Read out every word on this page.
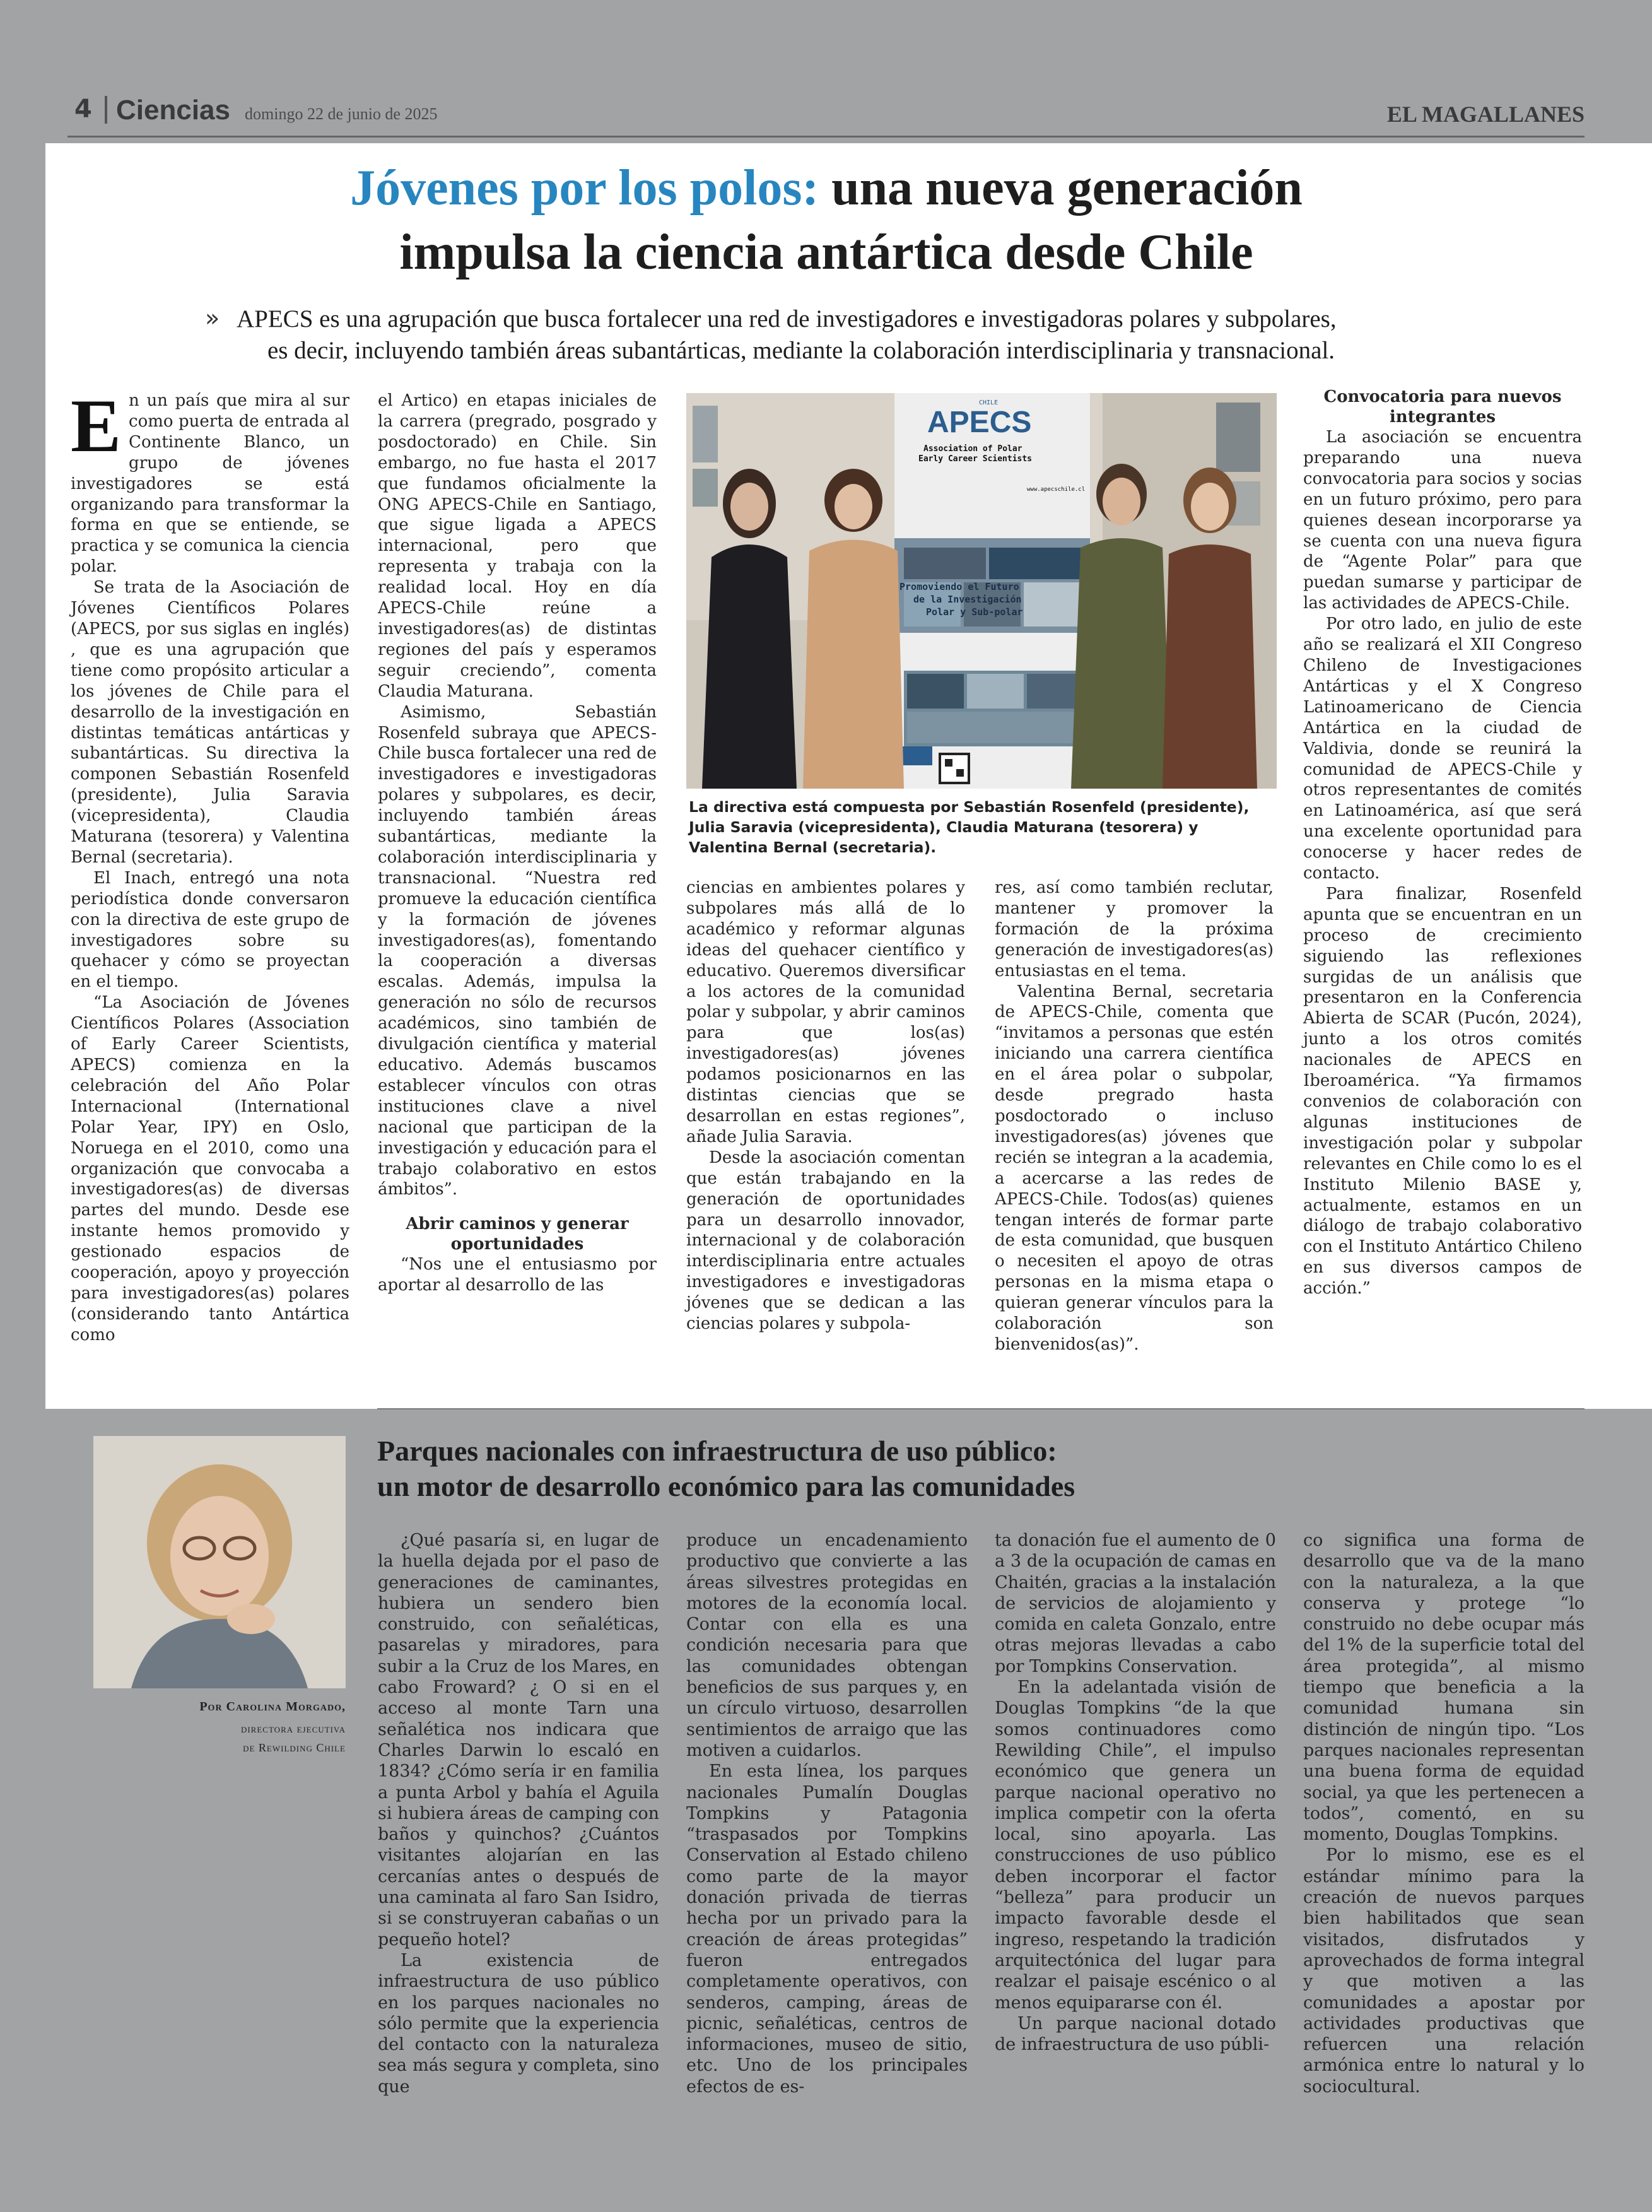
4 Ciencias domingo 22 de junio de 2025	EL MAGALLANES
Jóvenes por los polos: una nueva generación
impulsa la ciencia antártica desde Chile
» APECS es una agrupación que busca fortalecer una red de investigadores e investigadoras polares y subpolares,
es decir, incluyendo también áreas subantárticas, mediante la colaboración interdisciplinaria y transnacional.

En un país que mira al sur como puerta de entrada al Continente Blanco, un grupo de jóvenes investigadores se está organizando para transformar la forma en que se entiende, se practica y se comunica la ciencia polar.

Se trata de la Asociación de Jóvenes Científicos Polares (APECS, por sus siglas en inglés) , que es una agrupación que tiene como propósito articular a los jóvenes de Chile para el desarrollo de la investigación en distintas temáticas antárticas y subantárticas. Su directiva la componen Sebastián Rosenfeld (presidente), Julia Saravia (vicepresidenta), Claudia Maturana (tesorera) y Valentina Bernal (secretaria).

El Inach, entregó una nota periodística donde conversaron con la directiva de este grupo de investigadores sobre su quehacer y cómo se proyectan en el tiempo.

“La Asociación de Jóvenes Científicos Polares (Association of Early Career Scientists, APECS) comienza en la celebración del Año Polar Internacional (International Polar Year, IPY) en Oslo, Noruega en el 2010, como una organización que convocaba a investigadores(as) de diversas partes del mundo. Desde ese instante hemos promovido y gestionado espacios de cooperación, apoyo y proyección para investigadores(as) polares (considerando tanto Antártica como

el Artico) en etapas iniciales de la carrera (pregrado, posgrado y posdoctorado) en Chile. Sin embargo, no fue hasta el 2017 que fundamos oficialmente la ONG APECS-Chile en Santiago, que sigue ligada a APECS internacional, pero que representa y trabaja con la realidad local. Hoy en día APECS-Chile reúne a investigadores(as) de distintas regiones del país y esperamos seguir creciendo”, comenta Claudia Maturana.

Asimismo, Sebastián Rosenfeld subraya que APECS-Chile busca fortalecer una red de investigadores e investigadoras polares y subpolares, es decir, incluyendo también áreas subantárticas, mediante la colaboración interdisciplinaria y transnacional. “Nuestra red promueve la educación científica y la formación de jóvenes investigadores(as), fomentando la cooperación a diversas escalas. Además, impulsa la generación no sólo de recursos académicos, sino también de divulgación científica y material educativo. Además buscamos establecer vínculos con otras instituciones clave a nivel nacional que participan de la investigación y educación para el trabajo colaborativo en estos ámbitos”.

Abrir caminos y generar oportunidades

“Nos une el entusiasmo por aportar al desarrollo de las

CHILE
APECS
Association of Polar
Early Career Scientists
www.apecschile.cl
Promoviendo el Futuro
de la Investigación
Polar y Sub-polar
La directiva está compuesta por Sebastián Rosenfeld (presidente), Julia Saravia (vicepresidenta), Claudia Maturana (tesorera) y Valentina Bernal (secretaria).

ciencias en ambientes polares y subpolares más allá de lo académico y reformar algunas ideas del quehacer científico y educativo. Queremos diversificar a los actores de la comunidad polar y subpolar, y abrir caminos para que los(as) investigadores(as) jóvenes podamos posicionarnos en las distintas ciencias que se desarrollan en estas regiones”, añade Julia Saravia.

Desde la asociación comentan que están trabajando en la generación de oportunidades para un desarrollo innovador, internacional y de colaboración interdisciplinaria entre actuales investigadores e investigadoras jóvenes que se dedican a las ciencias polares y subpola-

res, así como también reclutar, mantener y promover la formación de la próxima generación de investigadores(as) entusiastas en el tema.

Valentina Bernal, secretaria de APECS-Chile, comenta que “invitamos a personas que estén iniciando una carrera científica en el área polar o subpolar, desde pregrado hasta posdoctorado o incluso investigadores(as) jóvenes que recién se integran a la academia, a acercarse a las redes de APECS-Chile. Todos(as) quienes tengan interés de formar parte de esta comunidad, que busquen o necesiten el apoyo de otras personas en la misma etapa o quieran generar vínculos para la colaboración son bienvenidos(as)”.

Convocatoria para nuevos integrantes

La asociación se encuentra preparando una nueva convocatoria para socios y socias en un futuro próximo, pero para quienes desean incorporarse ya se cuenta con una nueva figura de “Agente Polar” para que puedan sumarse y participar de las actividades de APECS-Chile.

Por otro lado, en julio de este año se realizará el XII Congreso Chileno de Investigaciones Antárticas y el X Congreso Latinoamericano de Ciencia Antártica en la ciudad de Valdivia, donde se reunirá la comunidad de APECS-Chile y otros representantes de comités en Latinoamérica, así que será una excelente oportunidad para conocerse y hacer redes de contacto.

Para finalizar, Rosenfeld apunta que se encuentran en un proceso de crecimiento siguiendo las reflexiones surgidas de un análisis que presentaron en la Conferencia Abierta de SCAR (Pucón, 2024), junto a los otros comités nacionales de APECS en Iberoamérica. “Ya firmamos convenios de colaboración con algunas instituciones de investigación polar y subpolar relevantes en Chile como lo es el Instituto Milenio BASE y, actualmente, estamos en un diálogo de trabajo colaborativo con el Instituto Antártico Chileno en sus diversos campos de acción.”

Por Carolina Morgado,
directora ejecutiva
de Rewilding Chile
Parques nacionales con infraestructura de uso público:
un motor de desarrollo económico para las comunidades

¿Qué pasaría si, en lugar de la huella dejada por el paso de generaciones de caminantes, hubiera un sendero bien construido, con señaléticas, pasarelas y miradores, para subir a la Cruz de los Mares, en cabo Froward? ¿ O si en el acceso al monte Tarn una señalética nos indicara que Charles Darwin lo escaló en 1834? ¿Cómo sería ir en familia a punta Arbol y bahía el Aguila si hubiera áreas de camping con baños y quinchos? ¿Cuántos visitantes alojarían en las cercanías antes o después de una caminata al faro San Isidro, si se construyeran cabañas o un pequeño hotel?

La existencia de infraestructura de uso público en los parques nacionales no sólo permite que la experiencia del contacto con la naturaleza sea más segura y completa, sino que

produce un encadenamiento productivo que convierte a las áreas silvestres protegidas en motores de la economía local. Contar con ella es una condición necesaria para que las comunidades obtengan beneficios de sus parques y, en un círculo virtuoso, desarrollen sentimientos de arraigo que las motiven a cuidarlos.

En esta línea, los parques nacionales Pumalín Douglas Tompkins y Patagonia “traspasados por Tompkins Conservation al Estado chileno como parte de la mayor donación privada de tierras hecha por un privado para la creación de áreas protegidas” fueron entregados completamente operativos, con senderos, camping, áreas de picnic, señaléticas, centros de informaciones, museo de sitio, etc. Uno de los principales efectos de es-

ta donación fue el aumento de 0 a 3 de la ocupación de camas en Chaitén, gracias a la instalación de servicios de alojamiento y comida en caleta Gonzalo, entre otras mejoras llevadas a cabo por Tompkins Conservation.

En la adelantada visión de Douglas Tompkins “de la que somos continuadores como Rewilding Chile”, el impulso económico que genera un parque nacional operativo no implica competir con la oferta local, sino apoyarla. Las construcciones de uso público deben incorporar el factor “belleza” para producir un impacto favorable desde el ingreso, respetando la tradición arquitectónica del lugar para realzar el paisaje escénico o al menos equipararse con él.

Un parque nacional dotado de infraestructura de uso públi-

co significa una forma de desarrollo que va de la mano con la naturaleza, a la que conserva y protege “lo construido no debe ocupar más del 1% de la superficie total del área protegida”, al mismo tiempo que beneficia a la comunidad humana sin distinción de ningún tipo. “Los parques nacionales representan una buena forma de equidad social, ya que les pertenecen a todos”, comentó, en su momento, Douglas Tompkins.

Por lo mismo, ese es el estándar mínimo para la creación de nuevos parques bien habilitados que sean visitados, disfrutados y aprovechados de forma integral y que motiven a las comunidades a apostar por actividades productivas que refuercen una relación armónica entre lo natural y lo sociocultural.
